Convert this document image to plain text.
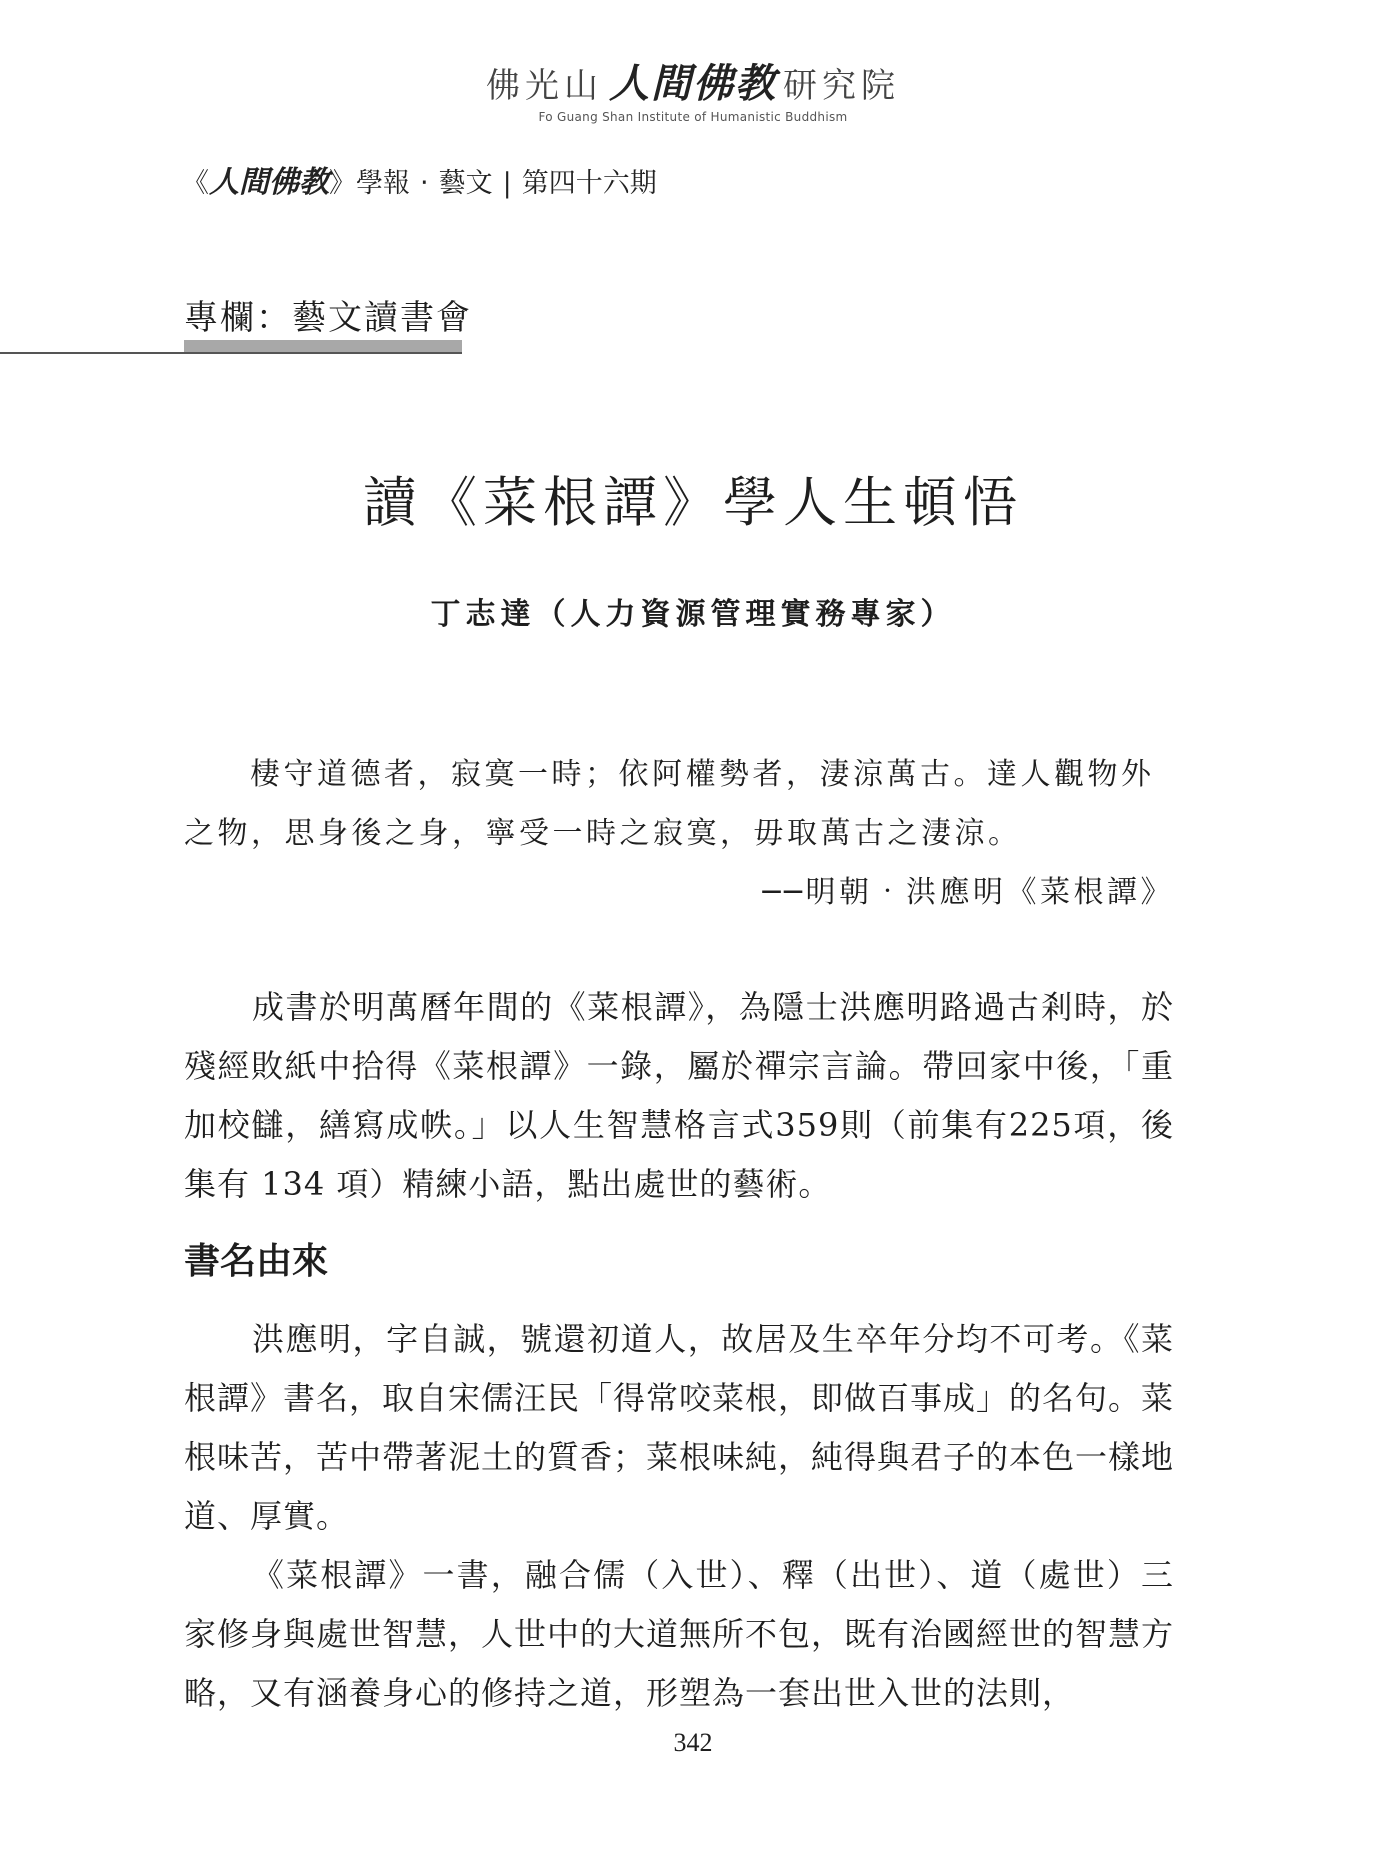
佛光山 人間佛教 研究院
Fo Guang Shan Institute of Humanistic Buddhism
《人間佛教》學報 ‧ 藝文 | 第四十六期
專欄：藝文讀書會
讀《菜根譚》學人生頓悟
丁志達（人力資源管理實務專家）

棲守道德者，寂寞一時；依阿權勢者，淒涼萬古。達人觀物外之物，思身後之身，寧受一時之寂寞，毋取萬古之淒涼。

──明朝‧洪應明《菜根譚》

成書於明萬曆年間的《菜根譚》，為隱士洪應明路過古剎時，於殘經敗紙中拾得《菜根譚》一錄，屬於禪宗言論。帶回家中後，「重加校讎，繕寫成帙。」以人生智慧格言式359則（前集有225項，後集有 134 項）精練小語，點出處世的藝術。

書名由來

洪應明，字自誠，號還初道人，故居及生卒年分均不可考。《菜根譚》書名，取自宋儒汪民「得常咬菜根，即做百事成」的名句。菜根味苦，苦中帶著泥土的質香；菜根味純，純得與君子的本色一樣地道、厚實。

《菜根譚》一書，融合儒（入世）、釋（出世）、道（處世）三家修身與處世智慧，人世中的大道無所不包，既有治國經世的智慧方略，又有涵養身心的修持之道，形塑為一套出世入世的法則，

342
